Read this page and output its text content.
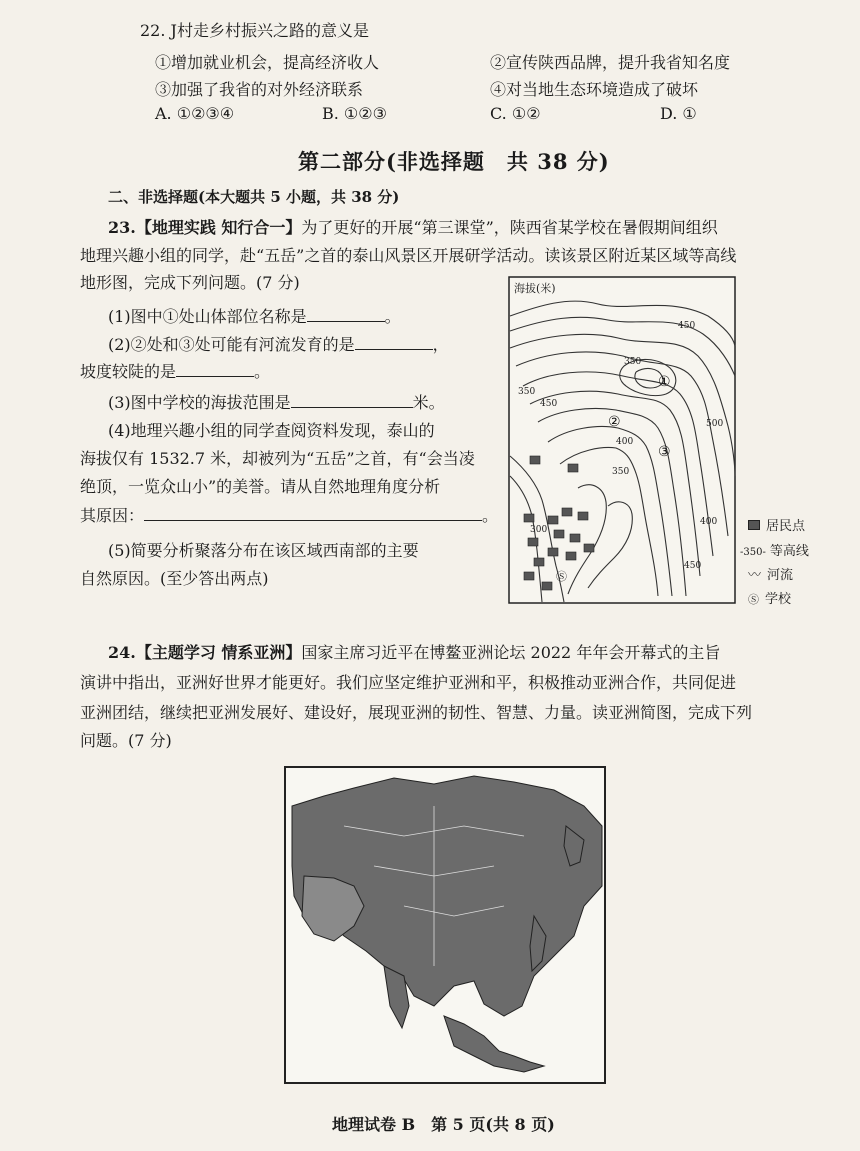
22. J村走乡村振兴之路的意义是
①增加就业机会，提高经济收人	②宣传陕西品牌，提升我省知名度
③加强了我省的对外经济联系	④对当地生态环境造成了破坏
A. ①②③④	B. ①②③	C. ①②	D. ①
第二部分(非选择题　共 38 分)
二、非选择题(本大题共 5 小题，共 38 分)
23.【地理实践 知行合一】为了更好的开展“第三课堂”，陕西省某学校在暑假期间组织
地理兴趣小组的同学，赴“五岳”之首的泰山风景区开展研学活动。读该景区附近某区域等高线
地形图，完成下列问题。(7 分)
(1)图中①处山体部位名称是	。
(2)②处和③处可能有河流发育的是	，
坡度较陡的是	。
(3)图中学校的海拔范围是	米。
(4)地理兴趣小组的同学查阅资料发现，泰山的
海拔仅有 1532.7 米，却被列为“五岳”之首，有“会当凌
绝顶，一览众山小”的美誉。请从自然地理角度分析
其原因：	。
(5)简要分析聚落分布在该区域西南部的主要
自然原因。(至少答出两点)
海拔(米)
450
350
450
350
500
400
350
300
400
450
①
②
③
Ⓢ
居民点
-350- 等高线
〰 河流
Ⓢ 学校
24.【主题学习 情系亚洲】国家主席习近平在博鳌亚洲论坛 2022 年年会开幕式的主旨
演讲中指出，亚洲好世界才能更好。我们应坚定维护亚洲和平，积极推动亚洲合作，共同促进
亚洲团结，继续把亚洲发展好、建设好，展现亚洲的韧性、智慧、力量。读亚洲简图，完成下列
问题。(7 分)
地理试卷 B　第 5 页(共 8 页)
